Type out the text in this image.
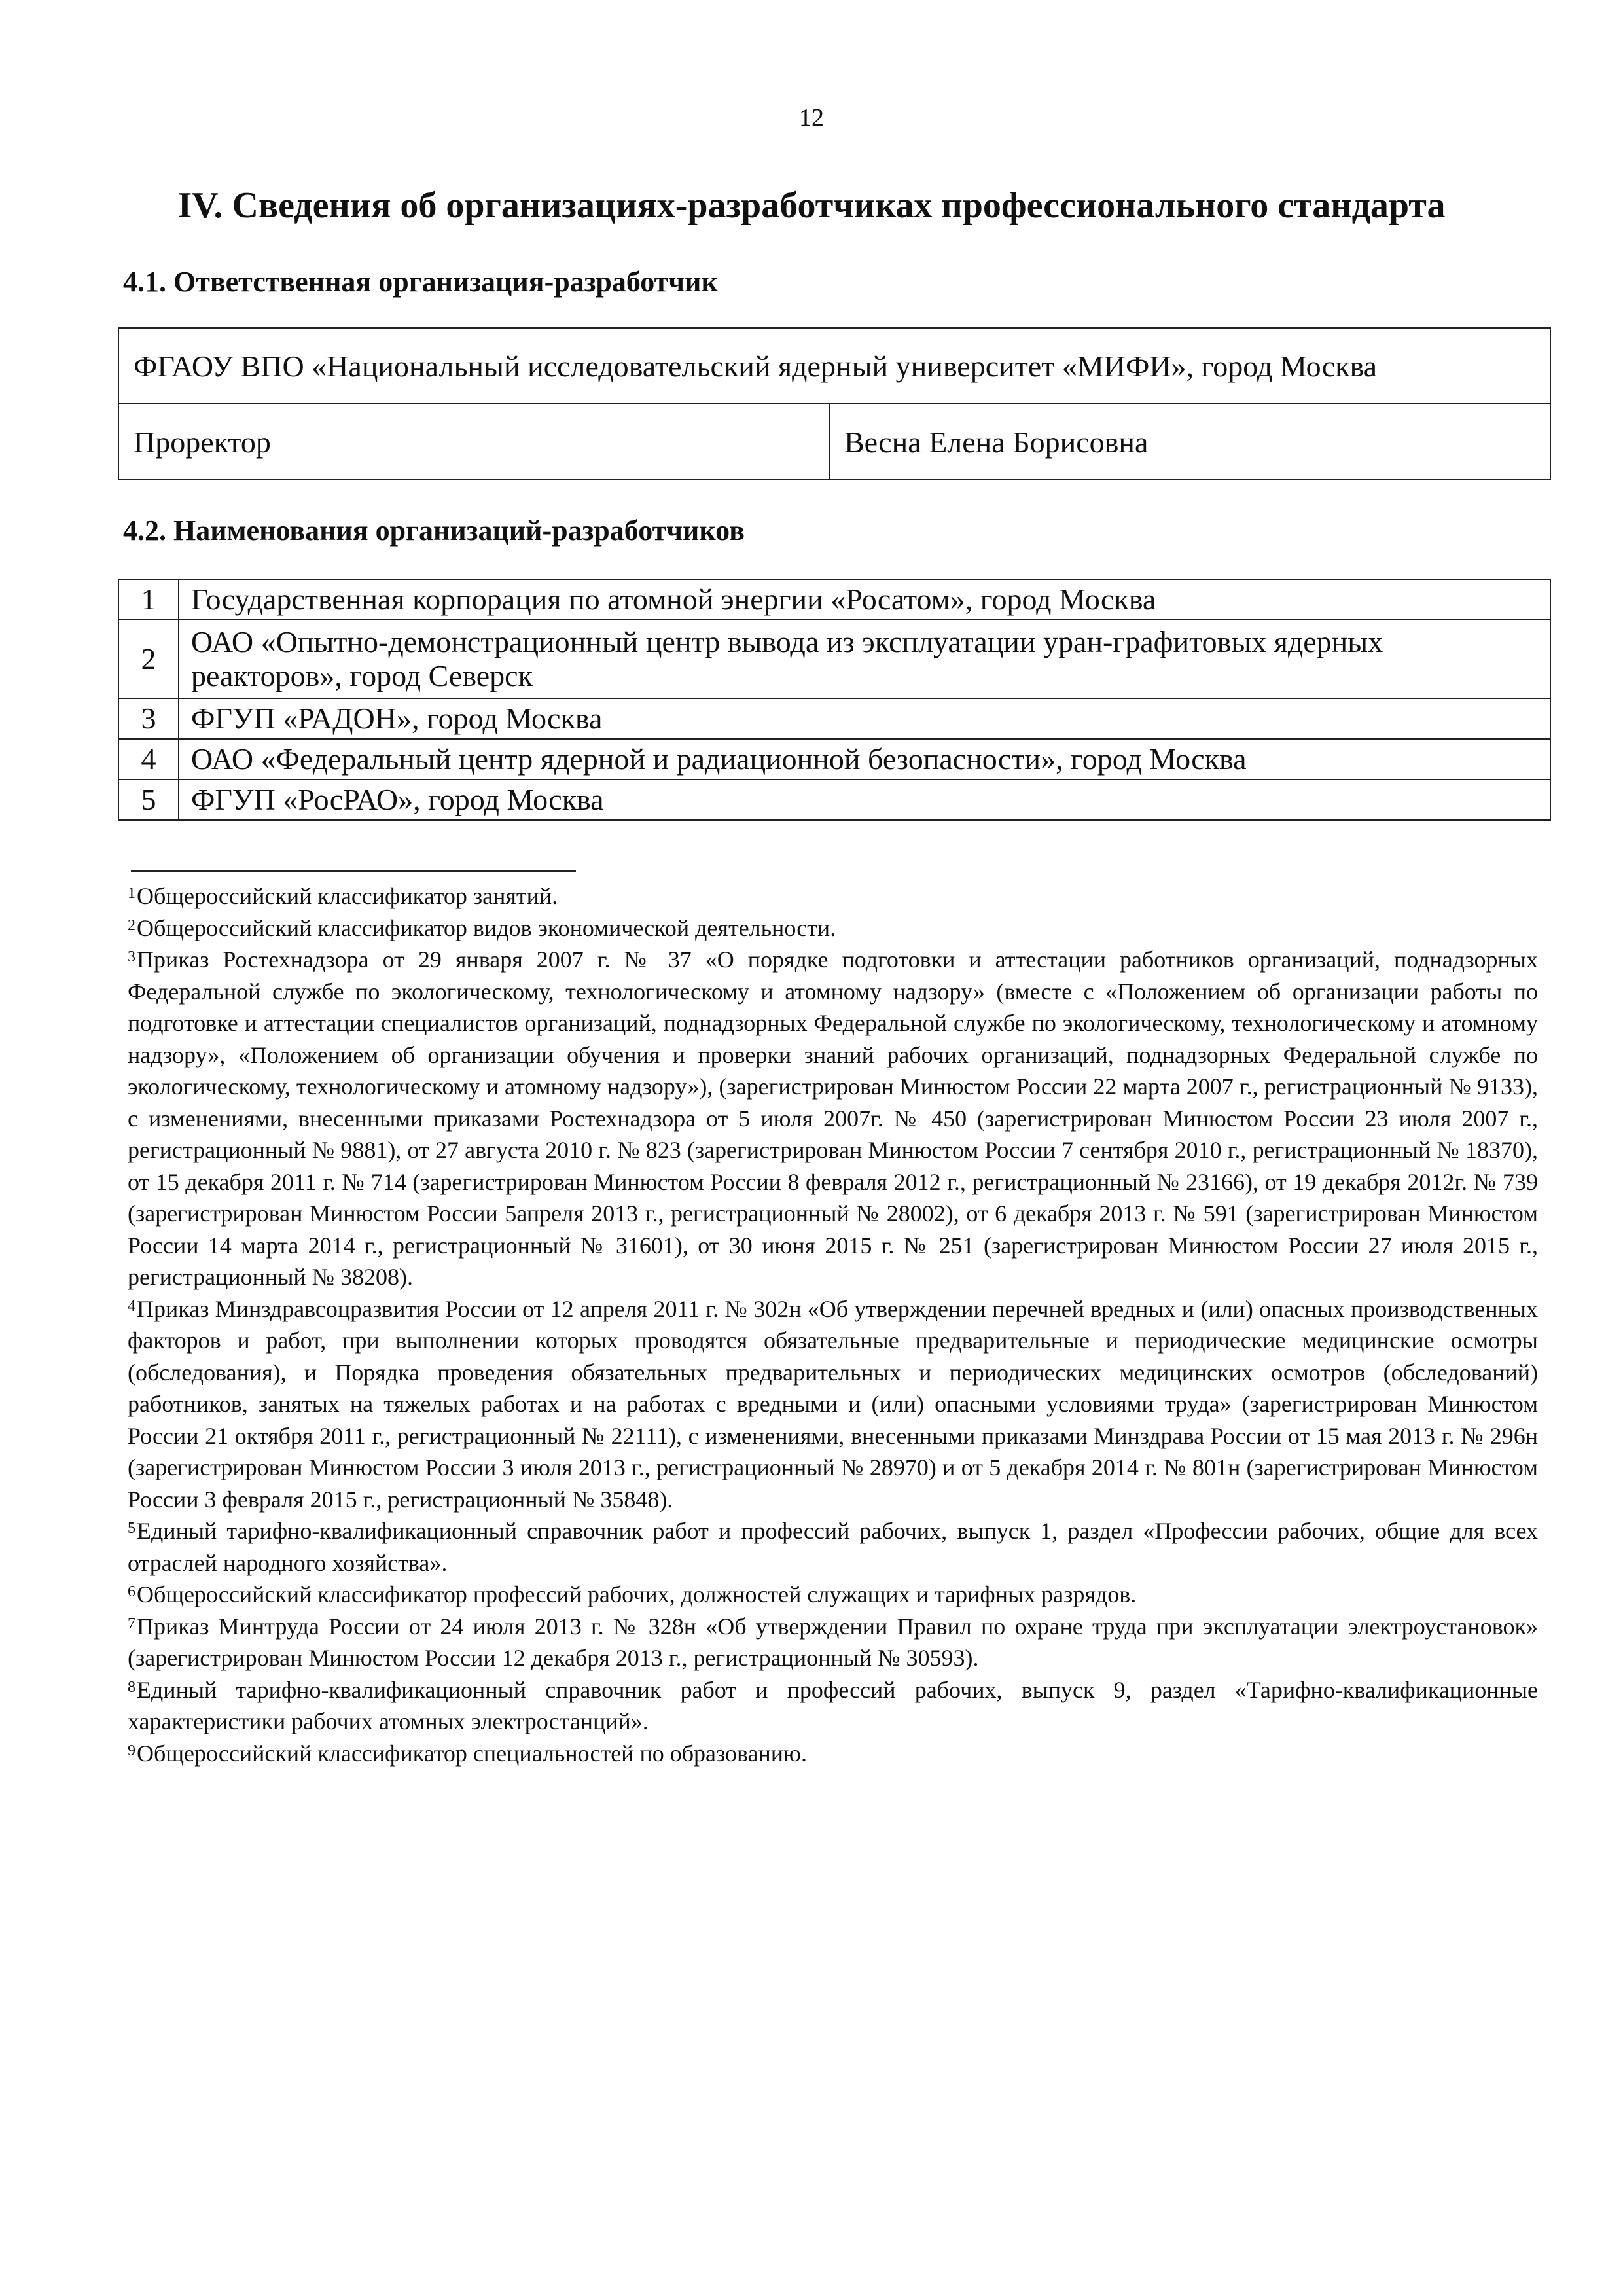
12
IV. Сведения об организациях-разработчиках профессионального стандарта
4.1. Ответственная организация-разработчик
ФГАОУ ВПО «Национальный исследовательский ядерный университет «МИФИ», город Москва
Проректор	Весна Елена Борисовна
4.2. Наименования организаций-разработчиков
1	Государственная корпорация по атомной энергии «Росатом», город Москва
2	ОАО «Опытно-демонстрационный центр вывода из эксплуатации уран-графитовых ядерных реакторов», город Северск
3	ФГУП «РАДОН», город Москва
4	ОАО «Федеральный центр ядерной и радиационной безопасности», город Москва
5	ФГУП «РосРАО», город Москва

$^1$Общероссийский классификатор занятий.

$^2$Общероссийский классификатор видов экономической деятельности.

$^3$Приказ Ростехнадзора от 29 января 2007 г. № 37 «О порядке подготовки и аттестации работников организаций, поднадзорных Федеральной службе по экологическому, технологическому и атомному надзору» (вместе с «Положением об организации работы по подготовке и аттестации специалистов организаций, поднадзорных Федеральной службе по экологическому, технологическому и атомному надзору», «Положением об организации обучения и проверки знаний рабочих организаций, поднадзорных Федеральной службе по экологическому, технологическому и атомному надзору»), (зарегистрирован Минюстом России 22 марта 2007 г., регистрационный № 9133), с изменениями, внесенными приказами Ростехнадзора от 5 июля 2007г. № 450 (зарегистрирован Минюстом России 23 июля 2007 г., регистрационный № 9881), от 27 августа 2010 г. № 823 (зарегистрирован Минюстом России 7 сентября 2010 г., регистрационный № 18370), от 15 декабря 2011 г. № 714 (зарегистрирован Минюстом России 8 февраля 2012 г., регистрационный № 23166), от 19 декабря 2012г. № 739 (зарегистрирован Минюстом России 5апреля 2013 г., регистрационный № 28002), от 6 декабря 2013 г. № 591 (зарегистрирован Минюстом России 14 марта 2014 г., регистрационный № 31601), от 30 июня 2015 г. № 251 (зарегистрирован Минюстом России 27 июля 2015 г., регистрационный № 38208).

$^4$Приказ Минздравсоцразвития России от 12 апреля 2011 г. № 302н «Об утверждении перечней вредных и (или) опасных производственных факторов и работ, при выполнении которых проводятся обязательные предварительные и периодические медицинские осмотры (обследования), и Порядка проведения обязательных предварительных и периодических медицинских осмотров (обследований) работников, занятых на тяжелых работах и на работах с вредными и (или) опасными условиями труда» (зарегистрирован Минюстом России 21 октября 2011 г., регистрационный № 22111), с изменениями, внесенными приказами Минздрава России от 15 мая 2013 г. № 296н (зарегистрирован Минюстом России 3 июля 2013 г., регистрационный № 28970) и от 5 декабря 2014 г. № 801н (зарегистрирован Минюстом России 3 февраля 2015 г., регистрационный № 35848).

$^5$Единый тарифно-квалификационный справочник работ и профессий рабочих, выпуск 1, раздел «Профессии рабочих, общие для всех отраслей народного хозяйства».

$^6$Общероссийский классификатор профессий рабочих, должностей служащих и тарифных разрядов.

$^7$Приказ Минтруда России от 24 июля 2013 г. № 328н «Об утверждении Правил по охране труда при эксплуатации электроустановок» (зарегистрирован Минюстом России 12 декабря 2013 г., регистрационный № 30593).

$^8$Единый тарифно-квалификационный справочник работ и профессий рабочих, выпуск 9, раздел «Тарифно-квалификационные характеристики рабочих атомных электростанций».

$^9$Общероссийский классификатор специальностей по образованию.
